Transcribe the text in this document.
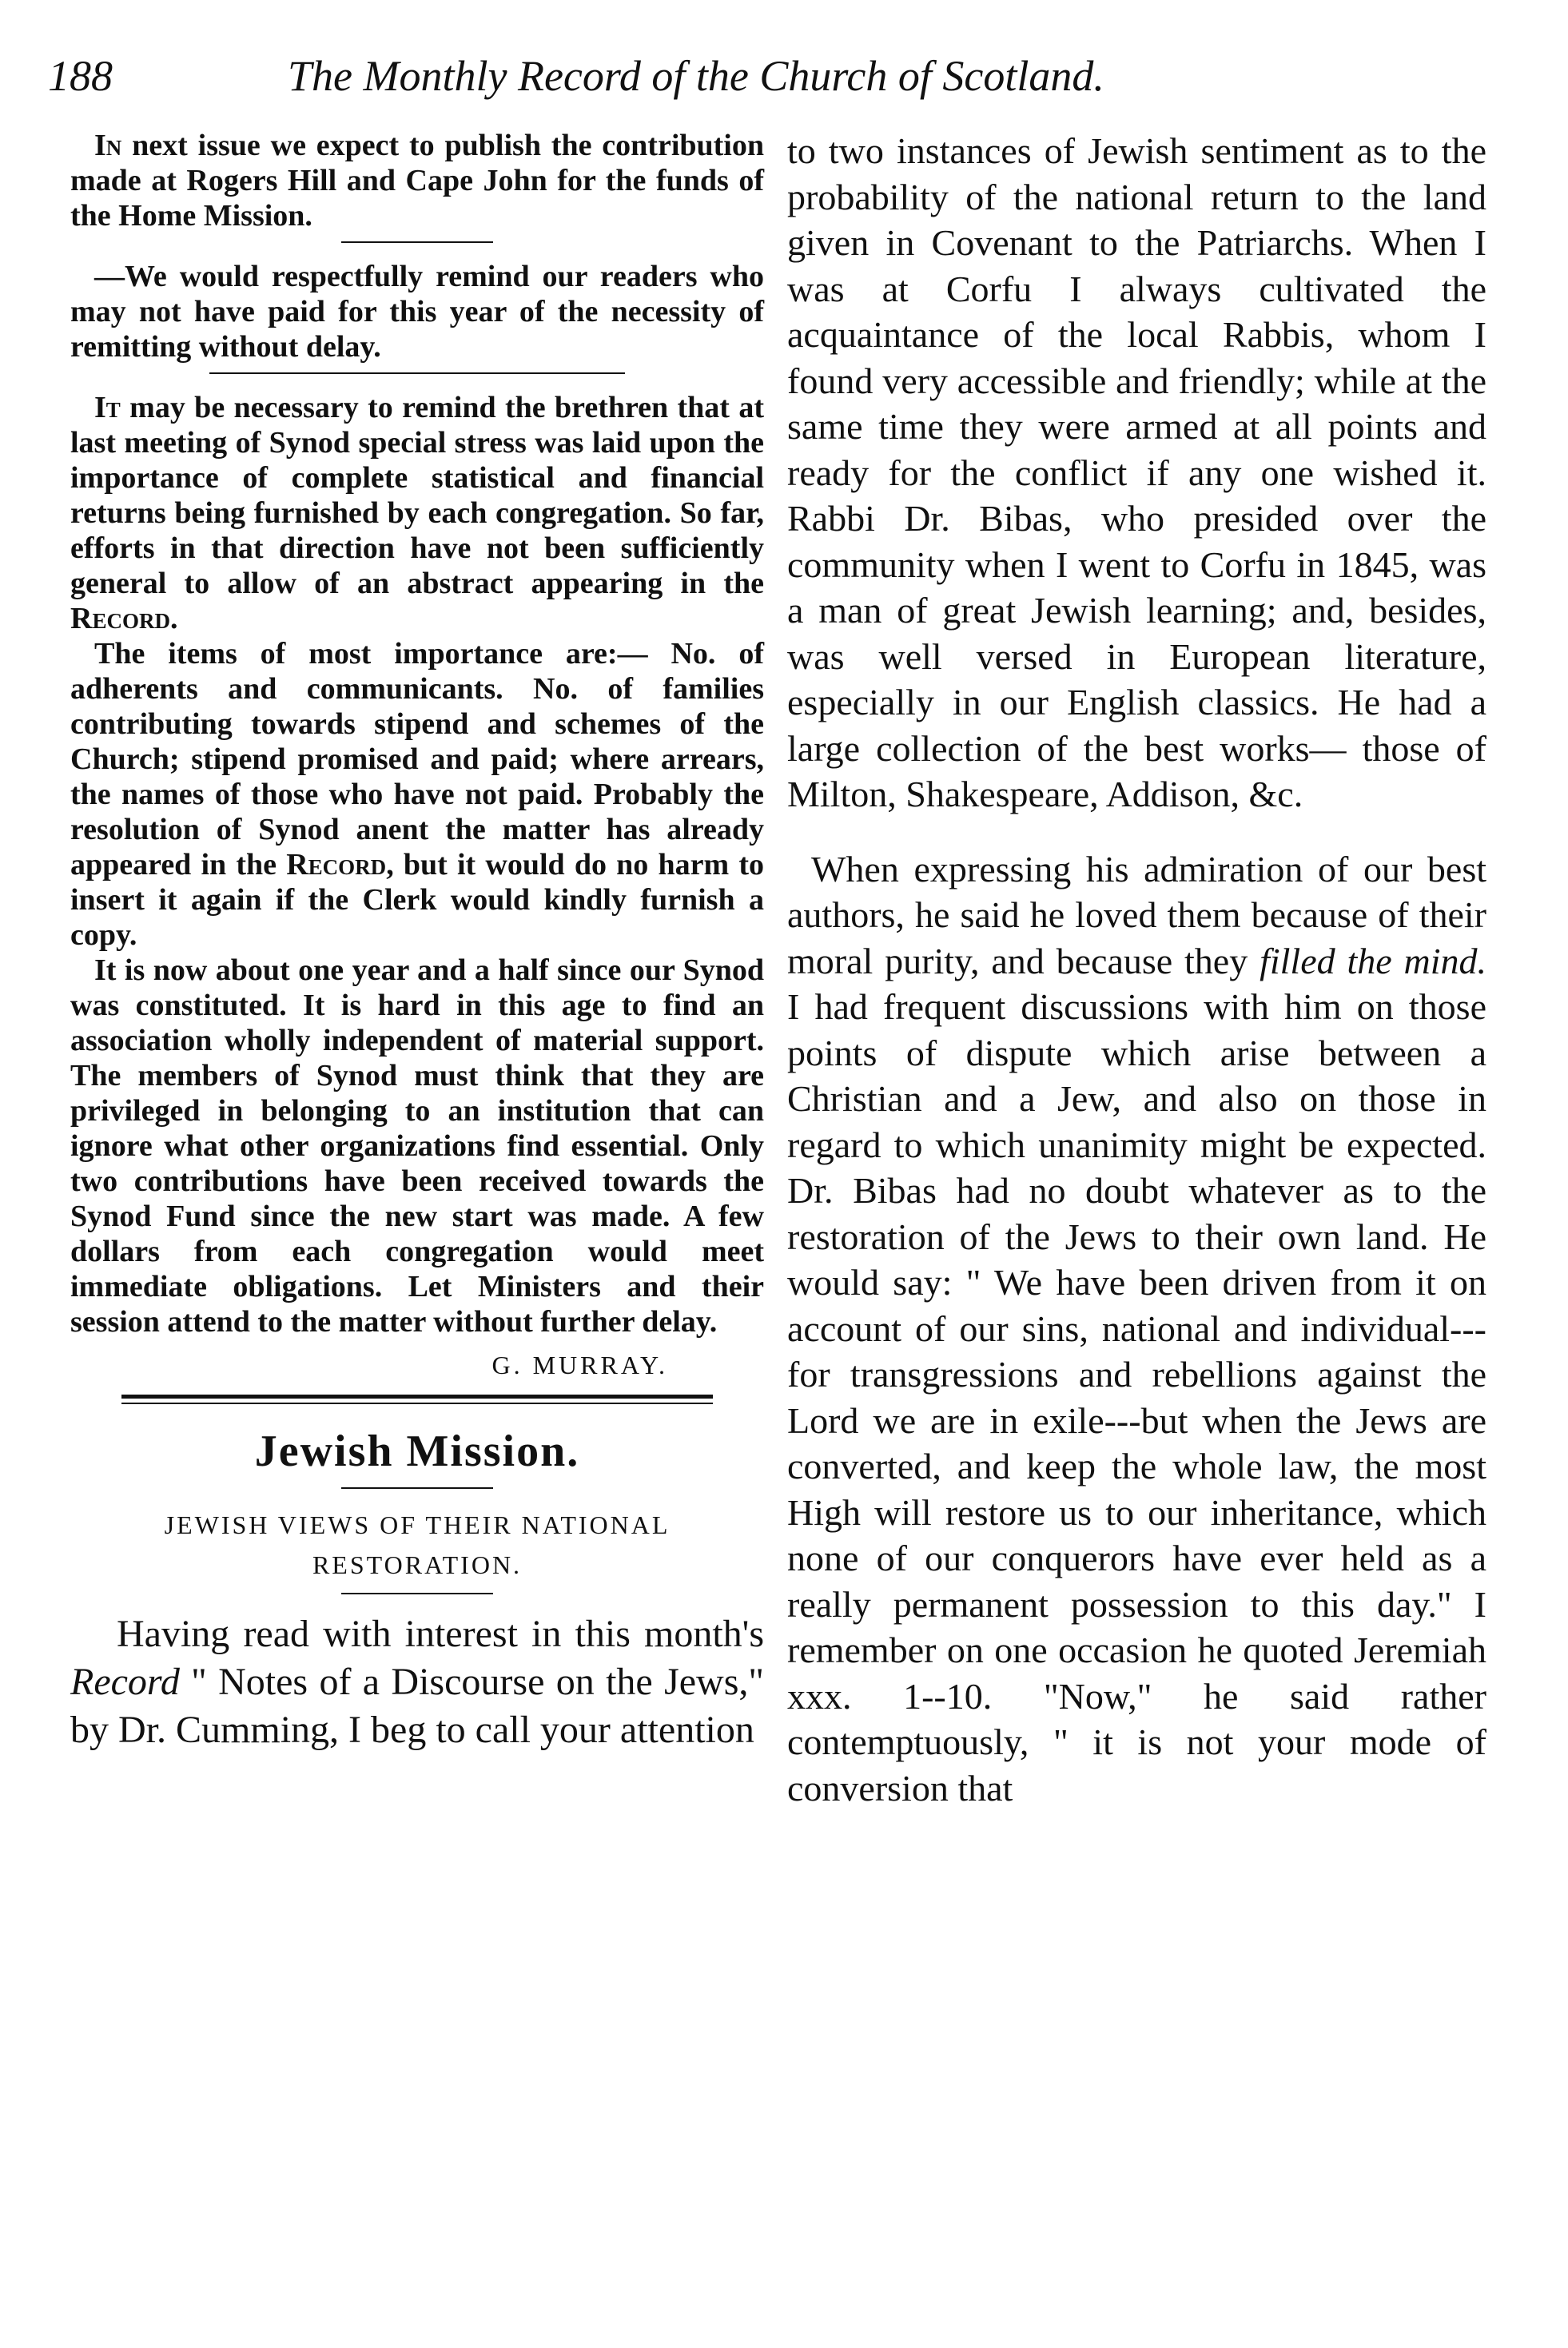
188	The Monthly Record of the Church of Scotland.

In next issue we expect to publish the contribution made at Rogers Hill and Cape John for the funds of the Home Mission.

—We would respectfully remind our readers who may not have paid for this year of the necessity of remitting without delay.

It may be necessary to remind the brethren that at last meeting of Synod special stress was laid upon the importance of complete statistical and financial returns being furnished by each congregation. So far, efforts in that direction have not been sufficiently general to allow of an abstract appearing in the Record.

The items of most importance are:— No. of adherents and communicants. No. of families contributing towards stipend and schemes of the Church; stipend promised and paid; where arrears, the names of those who have not paid. Probably the resolution of Synod anent the matter has already appeared in the Record, but it would do no harm to insert it again if the Clerk would kindly furnish a copy.

It is now about one year and a half since our Synod was constituted. It is hard in this age to find an association wholly independent of material support. The members of Synod must think that they are privileged in belonging to an institution that can ignore what other organizations find essential. Only two contributions have been received towards the Synod Fund since the new start was made. A few dollars from each congregation would meet immediate obligations. Let Ministers and their session attend to the matter without further delay.

G. MURRAY.
Jewish Mission.

JEWISH VIEWS OF THEIR NATIONAL RESTORATION.

Having read with interest in this month's Record " Notes of a Discourse on the Jews," by Dr. Cumming, I beg to call your attention

to two instances of Jewish sentiment as to the probability of the national return to the land given in Covenant to the Patriarchs. When I was at Corfu I always cultivated the acquaintance of the local Rabbis, whom I found very accessible and friendly; while at the same time they were armed at all points and ready for the conflict if any one wished it. Rabbi Dr. Bibas, who presided over the community when I went to Corfu in 1845, was a man of great Jewish learning; and, besides, was well versed in European literature, especially in our English classics. He had a large collection of the best works— those of Milton, Shakespeare, Addison, &c.

When expressing his admiration of our best authors, he said he loved them because of their moral purity, and because they filled the mind. I had frequent discussions with him on those points of dispute which arise between a Christian and a Jew, and also on those in regard to which unanimity might be expected. Dr. Bibas had no doubt whatever as to the restoration of the Jews to their own land. He would say: " We have been driven from it on account of our sins, national and individual---for transgressions and rebellions against the Lord we are in exile---but when the Jews are converted, and keep the whole law, the most High will restore us to our inheritance, which none of our conquerors have ever held as a really permanent possession to this day." I remember on one occasion he quoted Jeremiah xxx. 1--10. "Now," he said rather contemptuously, " it is not your mode of conversion that
